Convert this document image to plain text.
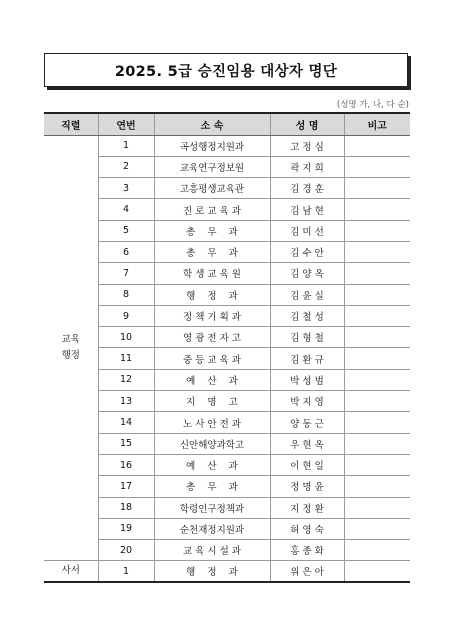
2025. 5급 승진임용 대상자 명단
(성명 가, 나, 다 순)
직렬	연번	소 속	성 명	비고
교육
행정	1	곡성행정지원과	고 정 심	
	2	교육연구정보원	곽 지 희	
	3	고흥평생교육관	김 경 훈	
	4	진 로 교 육 과	김 남 현	
	5	총    무    과	김 미 선	
	6	총    무    과	김 수 안	
	7	학 생 교 육 원	김 양 옥	
	8	행    정    과	김 윤 실	
	9	정 책 기 획 과	김 철 성	
	10	영 광 전 자 고	김 형 철	
	11	중 등 교 육 과	김 환 규	
	12	예    산    과	박 성 범	
	13	지    명    고	박 지 영	
	14	노 사 안 전 과	양 동 근	
	15	신안해양과학고	우 현 옥	
	16	예    산    과	이 현 일	
	17	총    무    과	정 명 윤	
	18	학령인구정책과	지 정 환	
	19	순천재정지원과	허 영 숙	
	20	교 육 시 설 과	홍 종 화	
사서	1	행    정    과	위 은 아	
